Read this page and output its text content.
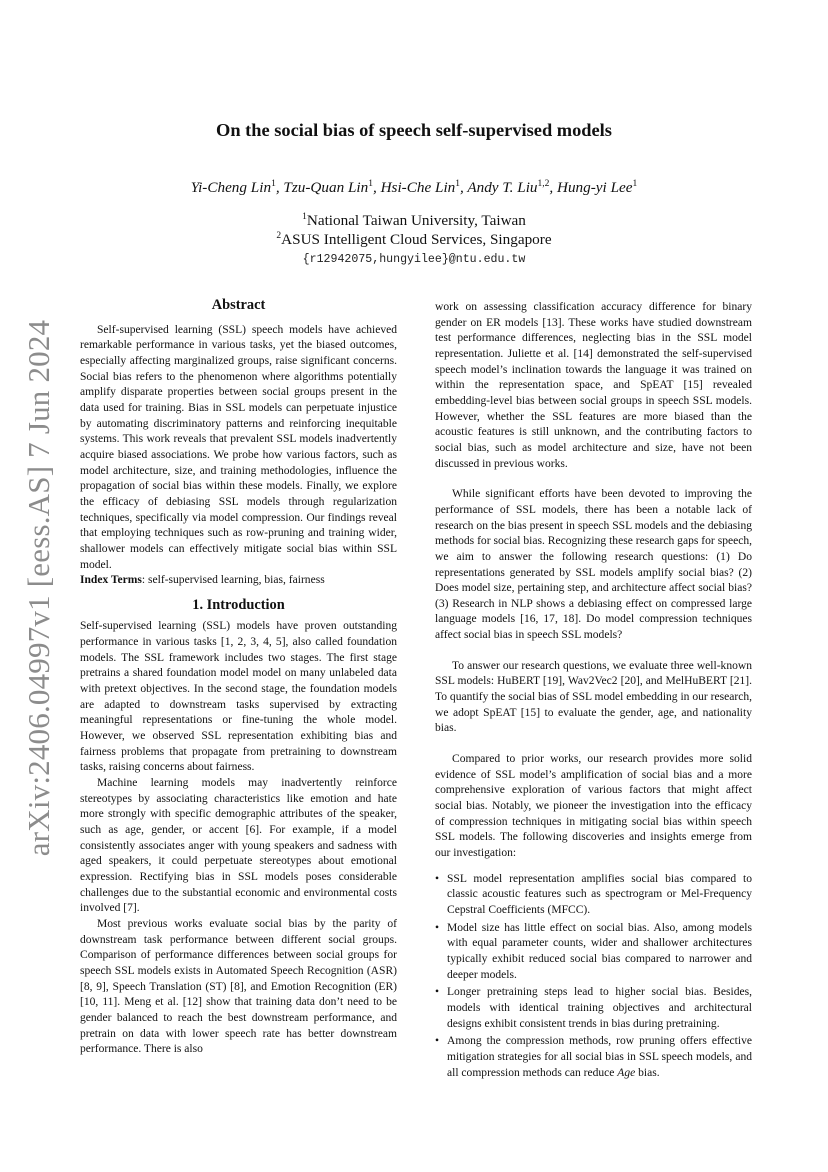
arXiv:2406.04997v1 [eess.AS] 7 Jun 2024
On the social bias of speech self-supervised models
Yi-Cheng Lin$^1$, Tzu-Quan Lin$^1$, Hsi-Che Lin$^1$, Andy T. Liu$^{1,2}$, Hung-yi Lee$^1$
$^1$National Taiwan University, Taiwan
$^2$ASUS Intelligent Cloud Services, Singapore
{r12942075,hungyilee}@ntu.edu.tw
Abstract

Self-supervised learning (SSL) speech models have achieved remarkable performance in various tasks, yet the biased outcomes, especially affecting marginalized groups, raise significant concerns. Social bias refers to the phenomenon where algorithms potentially amplify disparate properties between social groups present in the data used for training. Bias in SSL models can perpetuate injustice by automating discriminatory patterns and reinforcing inequitable systems. This work reveals that prevalent SSL models inadvertently acquire biased associations. We probe how various factors, such as model architecture, size, and training methodologies, influence the propagation of social bias within these models. Finally, we explore the efficacy of debiasing SSL models through regularization techniques, specifically via model compression. Our findings reveal that employing techniques such as row-pruning and training wider, shallower models can effectively mitigate social bias within SSL model.

Index Terms: self-supervised learning, bias, fairness

1. Introduction

Self-supervised learning (SSL) models have proven outstanding performance in various tasks [1, 2, 3, 4, 5], also called foundation models. The SSL framework includes two stages. The first stage pretrains a shared foundation model model on many unlabeled data with pretext objectives. In the second stage, the foundation models are adapted to downstream tasks supervised by extracting meaningful representations or fine-tuning the whole model. However, we observed SSL representation exhibiting bias and fairness problems that propagate from pretraining to downstream tasks, raising concerns about fairness.

Machine learning models may inadvertently reinforce stereotypes by associating characteristics like emotion and hate more strongly with specific demographic attributes of the speaker, such as age, gender, or accent [6]. For example, if a model consistently associates anger with young speakers and sadness with aged speakers, it could perpetuate stereotypes about emotional expression. Rectifying bias in SSL models poses considerable challenges due to the substantial economic and environmental costs involved [7].

Most previous works evaluate social bias by the parity of downstream task performance between different social groups. Comparison of performance differences between social groups for speech SSL models exists in Automated Speech Recognition (ASR) [8, 9], Speech Translation (ST) [8], and Emotion Recognition (ER) [10, 11]. Meng et al. [12] show that training data don’t need to be gender balanced to reach the best downstream performance, and pretrain on data with lower speech rate has better downstream performance. There is also

work on assessing classification accuracy difference for binary gender on ER models [13]. These works have studied downstream test performance differences, neglecting bias in the SSL model representation. Juliette et al. [14] demonstrated the self-supervised speech model’s inclination towards the language it was trained on within the representation space, and SpEAT [15] revealed embedding-level bias between social groups in speech SSL models. However, whether the SSL features are more biased than the acoustic features is still unknown, and the contributing factors to social bias, such as model architecture and size, have not been discussed in previous works.

While significant efforts have been devoted to improving the performance of SSL models, there has been a notable lack of research on the bias present in speech SSL models and the debiasing methods for social bias. Recognizing these research gaps for speech, we aim to answer the following research questions: (1) Do representations generated by SSL models amplify social bias? (2) Does model size, pertaining step, and architecture affect social bias? (3) Research in NLP shows a debiasing effect on compressed large language models [16, 17, 18]. Do model compression techniques affect social bias in speech SSL models?

To answer our research questions, we evaluate three well-known SSL models: HuBERT [19], Wav2Vec2 [20], and MelHuBERT [21]. To quantify the social bias of SSL model embedding in our research, we adopt SpEAT [15] to evaluate the gender, age, and nationality bias.

Compared to prior works, our research provides more solid evidence of SSL model’s amplification of social bias and a more comprehensive exploration of various factors that might affect social bias. Notably, we pioneer the investigation into the efficacy of compression techniques in mitigating social bias within speech SSL models. The following discoveries and insights emerge from our investigation:

• SSL model representation amplifies social bias compared to classic acoustic features such as spectrogram or Mel-Frequency Cepstral Coefficients (MFCC).
• Model size has little effect on social bias. Also, among models with equal parameter counts, wider and shallower architectures typically exhibit reduced social bias compared to narrower and deeper models.
• Longer pretraining steps lead to higher social bias. Besides, models with identical training objectives and architectural designs exhibit consistent trends in bias during pretraining.
• Among the compression methods, row pruning offers effective mitigation strategies for all social bias in SSL speech models, and all compression methods can reduce Age bias.
